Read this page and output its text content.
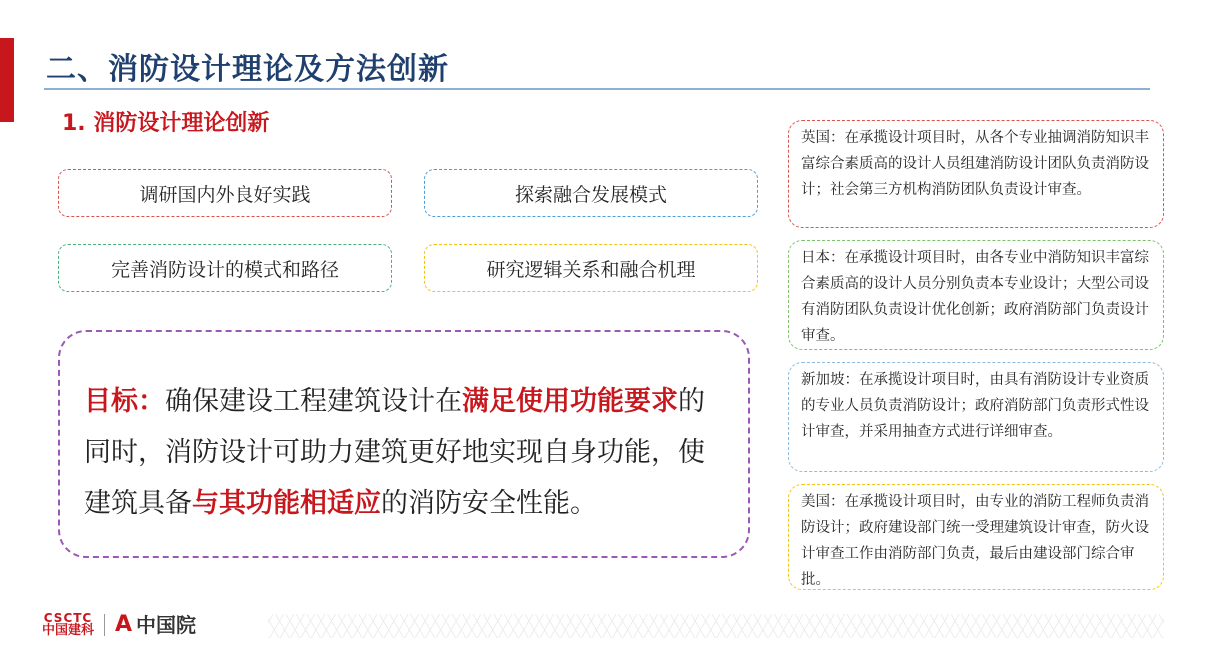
二、消防设计理论及方法创新
1. 消防设计理论创新
调研国内外良好实践	探索融合发展模式
完善消防设计的模式和路径	研究逻辑关系和融合机理
目标：确保建设工程建筑设计在满足使用功能要求的同时，消防设计可助力建筑更好地实现自身功能，使建筑具备与其功能相适应的消防安全性能。
英国：在承揽设计项目时，从各个专业抽调消防知识丰富综合素质高的设计人员组建消防设计团队负责消防设计；社会第三方机构消防团队负责设计审查。
日本：在承揽设计项目时，由各专业中消防知识丰富综合素质高的设计人员分别负责本专业设计；大型公司设有消防团队负责设计优化创新；政府消防部门负责设计审查。
新加坡：在承揽设计项目时，由具有消防设计专业资质的专业人员负责消防设计；政府消防部门负责形式性设计审查，并采用抽查方式进行详细审查。
美国：在承揽设计项目时，由专业的消防工程师负责消防设计；政府建设部门统一受理建筑设计审查，防火设计审查工作由消防部门负责，最后由建设部门综合审批。
CSCTC
中国建科 A 中国院
